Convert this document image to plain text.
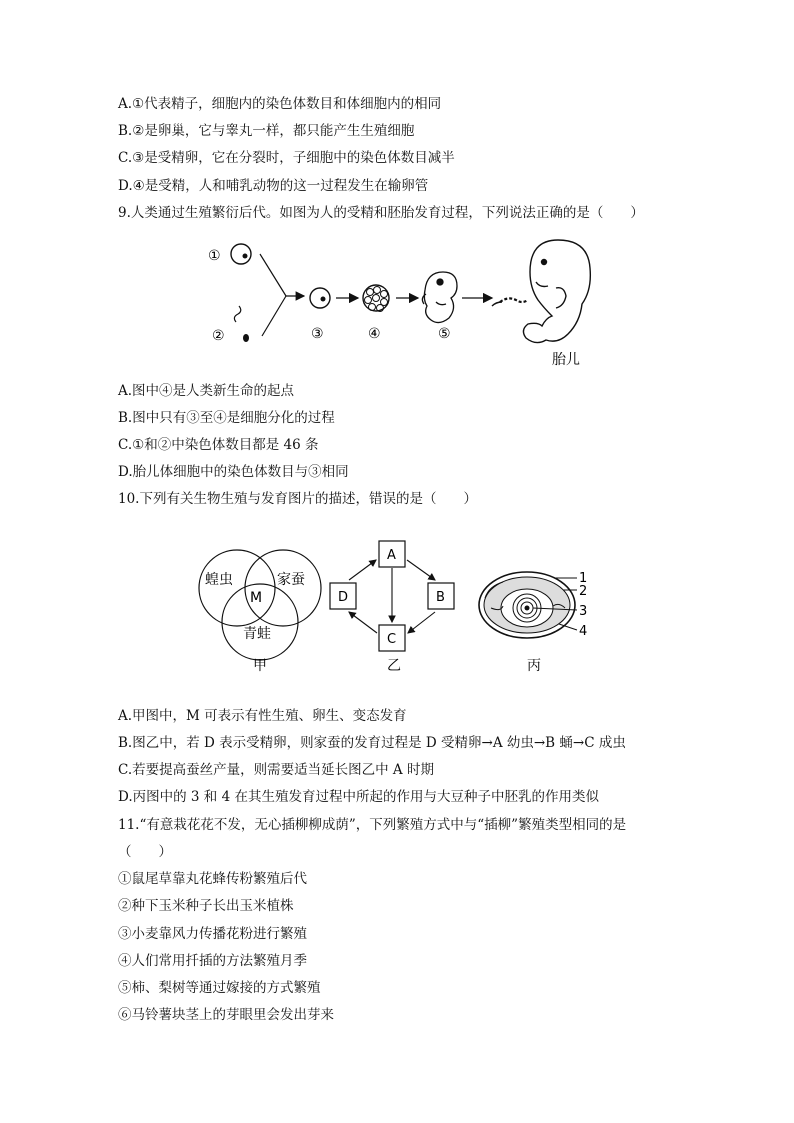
A.①代表精子，细胞内的染色体数目和体细胞内的相同
B.②是卵巢，它与睾丸一样，都只能产生生殖细胞
C.③是受精卵，它在分裂时，子细胞中的染色体数目减半
D.④是受精，人和哺乳动物的这一过程发生在输卵管
9.人类通过生殖繁衍后代。如图为人的受精和胚胎发育过程，下列说法正确的是（　　）
①
②	③	④	⑤
胎儿
A.图中④是人类新生命的起点
B.图中只有③至④是细胞分化的过程
C.①和②中染色体数目都是 46 条
D.胎儿体细胞中的染色体数目与③相同
10.下列有关生物生殖与发育图片的描述，错误的是（　　）
蝗虫	家蚕
青蛙
M
甲
A
B
C
D
乙
1
2
3
4
丙
A.甲图中，M 可表示有性生殖、卵生、变态发育
B.图乙中，若 D 表示受精卵，则家蚕的发育过程是 D 受精卵→A 幼虫→B 蛹→C 成虫
C.若要提高蚕丝产量，则需要适当延长图乙中 A 时期
D.丙图中的 3 和 4 在其生殖发育过程中所起的作用与大豆种子中胚乳的作用类似
11.“有意栽花花不发，无心插柳柳成荫”，下列繁殖方式中与“插柳”繁殖类型相同的是
（　　）
①鼠尾草靠丸花蜂传粉繁殖后代
②种下玉米种子长出玉米植株
③小麦靠风力传播花粉进行繁殖
④人们常用扦插的方法繁殖月季
⑤柿、梨树等通过嫁接的方式繁殖
⑥马铃薯块茎上的芽眼里会发出芽来
